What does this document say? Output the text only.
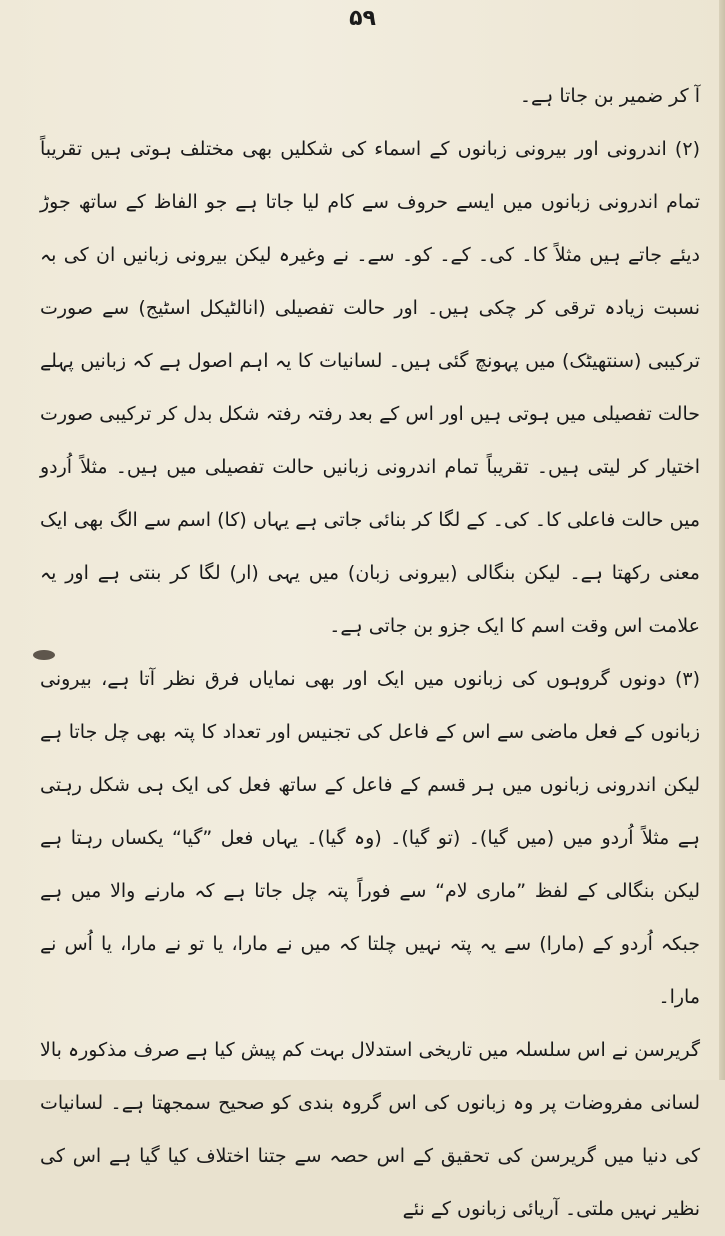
۵۹

آ کر ضمیر بن جاتا ہے۔

(۲) اندرونی اور بیرونی زبانوں کے اسماء کی شکلیں بھی مختلف ہوتی ہیں تقریباً تمام اندرونی زبانوں میں ایسے حروف سے کام لیا جاتا ہے جو الفاظ کے ساتھ جوڑ دیئے جاتے ہیں مثلاً کا۔ کی۔ کے۔ کو۔ سے۔ نے وغیرہ لیکن بیرونی زبانیں ان کی بہ نسبت زیادہ ترقی کر چکی ہیں۔ اور حالت تفصیلی (انالٹیکل اسٹیج) سے صورت ترکیبی (سنتھیٹک) میں پہونچ گئی ہیں۔ لسانیات کا یہ اہم اصول ہے کہ زبانیں پہلے حالت تفصیلی میں ہوتی ہیں اور اس کے بعد رفتہ رفتہ شکل بدل کر ترکیبی صورت اختیار کر لیتی ہیں۔ تقریباً تمام اندرونی زبانیں حالت تفصیلی میں ہیں۔ مثلاً اُردو میں حالت فاعلی کا۔ کی۔ کے لگا کر بنائی جاتی ہے یہاں (کا) اسم سے الگ بھی ایک معنی رکھتا ہے۔ لیکن بنگالی (بیرونی زبان) میں یہی (ار) لگا کر بنتی ہے اور یہ علامت اس وقت اسم کا ایک جزو بن جاتی ہے۔

(۳) دونوں گروہوں کی زبانوں میں ایک اور بھی نمایاں فرق نظر آتا ہے، بیرونی زبانوں کے فعل ماضی سے اس کے فاعل کی تجنیس اور تعداد کا پتہ بھی چل جاتا ہے لیکن اندرونی زبانوں میں ہر قسم کے فاعل کے ساتھ فعل کی ایک ہی شکل رہتی ہے مثلاً اُردو میں (میں گیا)۔ (تو گیا)۔ (وہ گیا)۔ یہاں فعل ”گیا“ یکساں رہتا ہے لیکن بنگالی کے لفظ ”ماری لام“ سے فوراً پتہ چل جاتا ہے کہ مارنے والا میں ہے جبکہ اُردو کے (مارا) سے یہ پتہ نہیں چلتا کہ میں نے مارا، یا تو نے مارا، یا اُس نے مارا۔

گریرسن نے اس سلسلہ میں تاریخی استدلال بہت کم پیش کیا ہے صرف مذکورہ بالا لسانی مفروضات پر وہ زبانوں کی اس گروہ بندی کو صحیح سمجھتا ہے۔ لسانیات کی دنیا میں گریرسن کی تحقیق کے اس حصہ سے جتنا اختلاف کیا گیا ہے اس کی نظیر نہیں ملتی۔ آریائی زبانوں کے نئے
